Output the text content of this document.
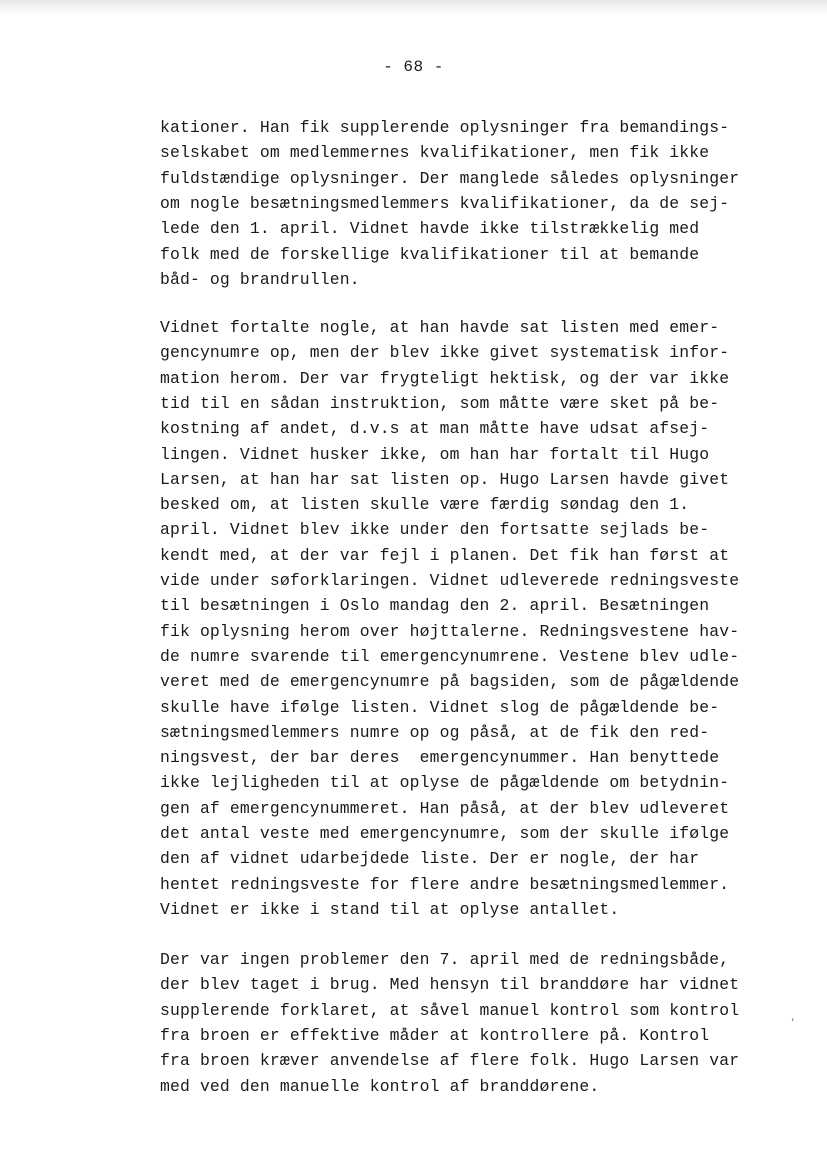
- 68 -
kationer. Han fik supplerende oplysninger fra bemandings-
selskabet om medlemmernes kvalifikationer, men fik ikke
fuldstændige oplysninger. Der manglede således oplysninger
om nogle besætningsmedlemmers kvalifikationer, da de sej-
lede den 1. april. Vidnet havde ikke tilstrækkelig med
folk med de forskellige kvalifikationer til at bemande
båd- og brandrullen.
Vidnet fortalte nogle, at han havde sat listen med emer-
gencynumre op, men der blev ikke givet systematisk infor-
mation herom. Der var frygteligt hektisk, og der var ikke
tid til en sådan instruktion, som måtte være sket på be-
kostning af andet, d.v.s at man måtte have udsat afsej-
lingen. Vidnet husker ikke, om han har fortalt til Hugo
Larsen, at han har sat listen op. Hugo Larsen havde givet
besked om, at listen skulle være færdig søndag den 1.
april. Vidnet blev ikke under den fortsatte sejlads be-
kendt med, at der var fejl i planen. Det fik han først at
vide under søforklaringen. Vidnet udleverede redningsveste
til besætningen i Oslo mandag den 2. april. Besætningen
fik oplysning herom over højttalerne. Redningsvestene hav-
de numre svarende til emergencynumrene. Vestene blev udle-
veret med de emergencynumre på bagsiden, som de pågældende
skulle have ifølge listen. Vidnet slog de pågældende be-
sætningsmedlemmers numre op og påså, at de fik den red-
ningsvest, der bar deres  emergencynummer. Han benyttede
ikke lejligheden til at oplyse de pågældende om betydnin-
gen af emergencynummeret. Han påså, at der blev udleveret
det antal veste med emergencynumre, som der skulle ifølge
den af vidnet udarbejdede liste. Der er nogle, der har
hentet redningsveste for flere andre besætningsmedlemmer.
Vidnet er ikke i stand til at oplyse antallet.
Der var ingen problemer den 7. april med de redningsbåde,
der blev taget i brug. Med hensyn til branddøre har vidnet
supplerende forklaret, at såvel manuel kontrol som kontrol
fra broen er effektive måder at kontrollere på. Kontrol
fra broen kræver anvendelse af flere folk. Hugo Larsen var
med ved den manuelle kontrol af branddørene.
’
